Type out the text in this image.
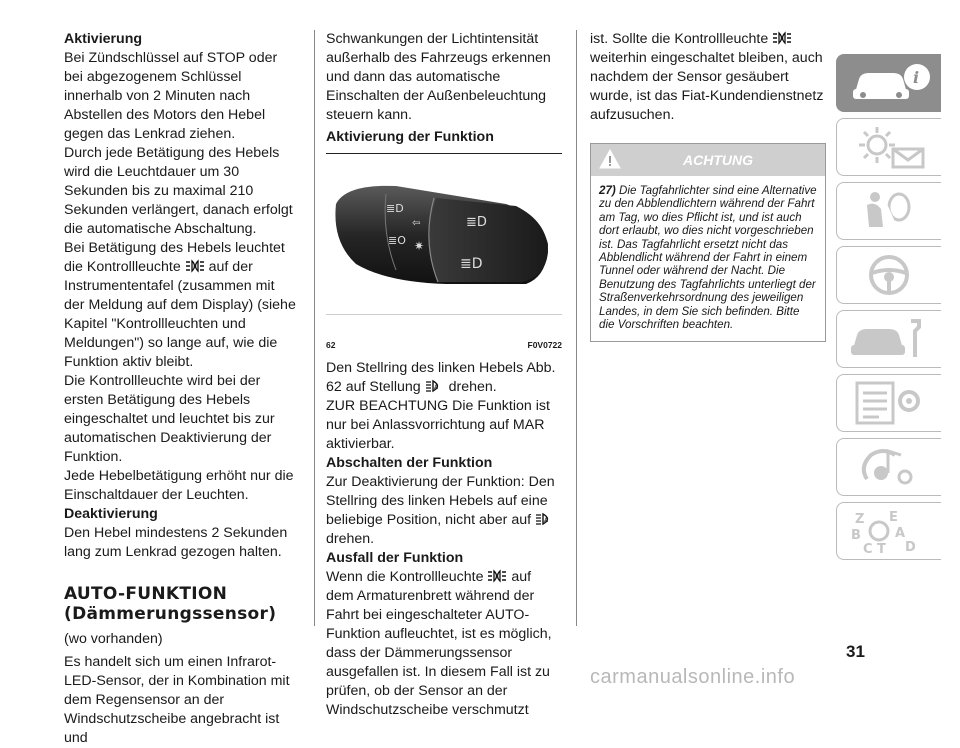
Aktivierung

Bei Zündschlüssel auf STOP oder bei abgezogenem Schlüssel innerhalb von 2 Minuten nach Abstellen des Motors den Hebel gegen das Lenkrad ziehen.

Durch jede Betätigung des Hebels wird die Leuchtdauer um 30 Sekunden bis zu maximal 210 Sekunden verlängert, danach erfolgt die automatische Abschaltung.

Bei Betätigung des Hebels leuchtet die Kontrollleuchte auf der Instrumententafel (zusammen mit der Meldung auf dem Display) (siehe Kapitel "Kontrollleuchten und Meldungen") so lange auf, wie die Funktion aktiv bleibt.

Die Kontrollleuchte wird bei der ersten Betätigung des Hebels eingeschaltet und leuchtet bis zur automatischen Deaktivierung der Funktion.

Jede Hebelbetätigung erhöht nur die Einschaltdauer der Leuchten.

Deaktivierung

Den Hebel mindestens 2 Sekunden lang zum Lenkrad gezogen halten.

AUTO-FUNKTION
(Dämmerungssensor)

(wo vorhanden)

Es handelt sich um einen Infrarot-LED-Sensor, der in Kombination mit dem Regensensor an der Windschutzscheibe angebracht ist und

Schwankungen der Lichtintensität außerhalb des Fahrzeugs erkennen und dann das automatische Einschalten der Außenbeleuchtung steuern kann.

Aktivierung der Funktion
≣D
≣O
⇦
✷
≣D
≣D
62	F0V0722

Den Stellring des linken Hebels Abb. 62 auf Stellung A drehen.

ZUR BEACHTUNG Die Funktion ist nur bei Anlassvorrichtung auf MAR aktivierbar.

Abschalten der Funktion

Zur Deaktivierung der Funktion: Den Stellring des linken Hebels auf eine beliebige Position, nicht aber auf A
drehen.

Ausfall der Funktion

Wenn die Kontrollleuchte auf dem Armaturenbrett während der Fahrt bei eingeschalteter AUTO-Funktion aufleuchtet, ist es möglich, dass der Dämmerungssensor ausgefallen ist. In diesem Fall ist zu prüfen, ob der Sensor an der Windschutzscheibe verschmutzt

ist. Sollte die Kontrollleuchte  weiterhin eingeschaltet bleiben, auch nachdem der Sensor gesäubert wurde, ist das Fiat-Kundendienstnetz aufzusuchen.

ACHTUNG
27) Die Tagfahrlichter sind eine Alternative zu den Abblendlichtern während der Fahrt am Tag, wo dies Pflicht ist, und ist auch dort erlaubt, wo dies nicht vorgeschrieben ist. Das Tagfahrlicht ersetzt nicht das Abblendlicht während der Fahrt in einem Tunnel oder während der Nacht. Die Benutzung des Tagfahrlichts unterliegt der Straßenverkehrsordnung des jeweiligen Landes, in dem Sie sich befinden. Bitte die Vorschriften beachten.
i
Z E
B	A
C T D
31
carmanualsonline.info
